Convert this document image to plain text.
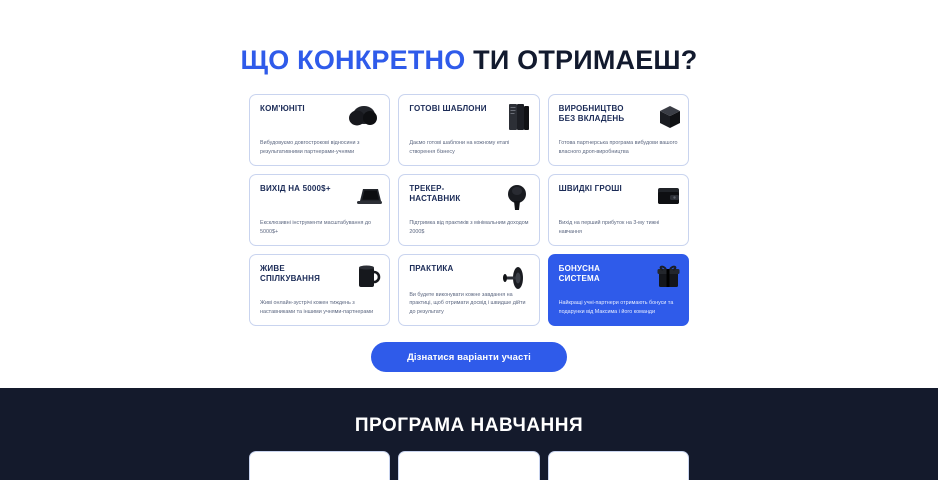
ЩО КОНКРЕТНО ТИ ОТРИМАЕШ?
КОМ'ЮНІТІ
Вибудовуємо довгострокові відносини з результативними партнерами-учнями
ГОТОВІ ШАБЛОНИ
Даємо готові шаблони на кожному етапі створення бізнесу
ВИРОБНИЦТВО БЕЗ ВКЛАДЕНЬ
Готова партнерська програма вибудови вашого власного дроп-виробництва
ВИХІД НА 5000$+
Ексклюзивні інструменти масштабування до 5000$+
ТРЕКЕР-НАСТАВНИК
Підтримка від практиків з мінімальним доходом 2000$
ШВИДКІ ГРОШІ
Вихід на перший прибуток на 3-му тижні навчання
ЖИВЕ СПІЛКУВАННЯ
Живі онлайн-зустрічі кожен тиждень з наставниками та іншими учнями-партнерами
ПРАКТИКА
Ви будете виконувати кожне завдання на практиці, щоб отримати досвід і швидше дійти до результату
БОНУСНА СИСТЕМА
Найкращі учні-партнери отримають бонуси та подарунки від Максима і його команди
Дізнатися варіанти участі
ПРОГРАМА НАВЧАННЯ
